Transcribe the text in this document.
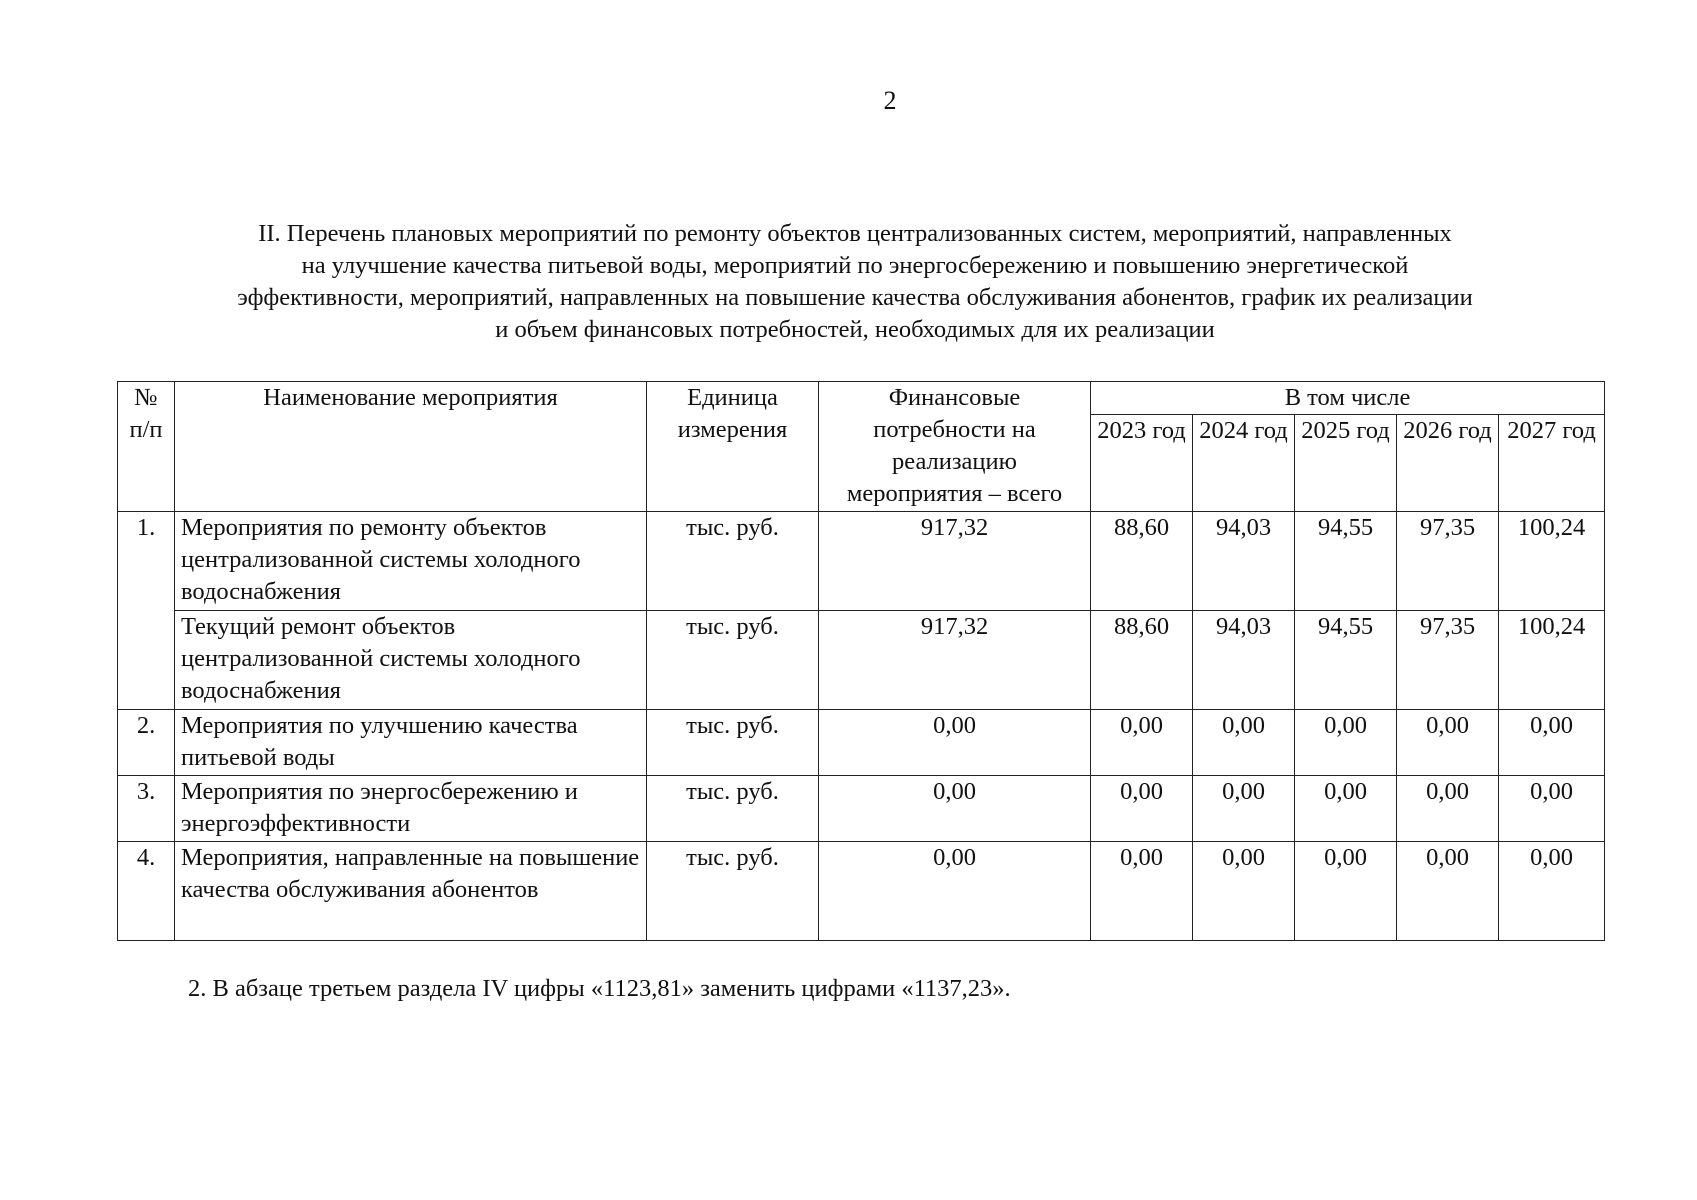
2
II. Перечень плановых мероприятий по ремонту объектов централизованных систем, мероприятий, направленных
на улучшение качества питьевой воды, мероприятий по энергосбережению и повышению энергетической
эффективности, мероприятий, направленных на повышение качества обслуживания абонентов, график их реализации
и объем финансовых потребностей, необходимых для их реализации
№ п/п	Наименование мероприятия	Единица измерения	Финансовые потребности на реализацию мероприятия – всего	В том числе				
				2023 год	2024 год	2025 год	2026 год	2027 год
1.	Мероприятия по ремонту объектов централизованной системы холодного водоснабжения	тыс. руб.	917,32	88,60	94,03	94,55	97,35	100,24
	Текущий ремонт объектов централизованной системы холодного водоснабжения	тыс. руб.	917,32	88,60	94,03	94,55	97,35	100,24
2.	Мероприятия по улучшению качества питьевой воды	тыс. руб.	0,00	0,00	0,00	0,00	0,00	0,00
3.	Мероприятия по энергосбережению и энергоэффективности	тыс. руб.	0,00	0,00	0,00	0,00	0,00	0,00
4.	Мероприятия, направленные на повышение качества обслуживания абонентов	тыс. руб.	0,00	0,00	0,00	0,00	0,00	0,00
2. В абзаце третьем раздела IV цифры «1123,81» заменить цифрами «1137,23».
